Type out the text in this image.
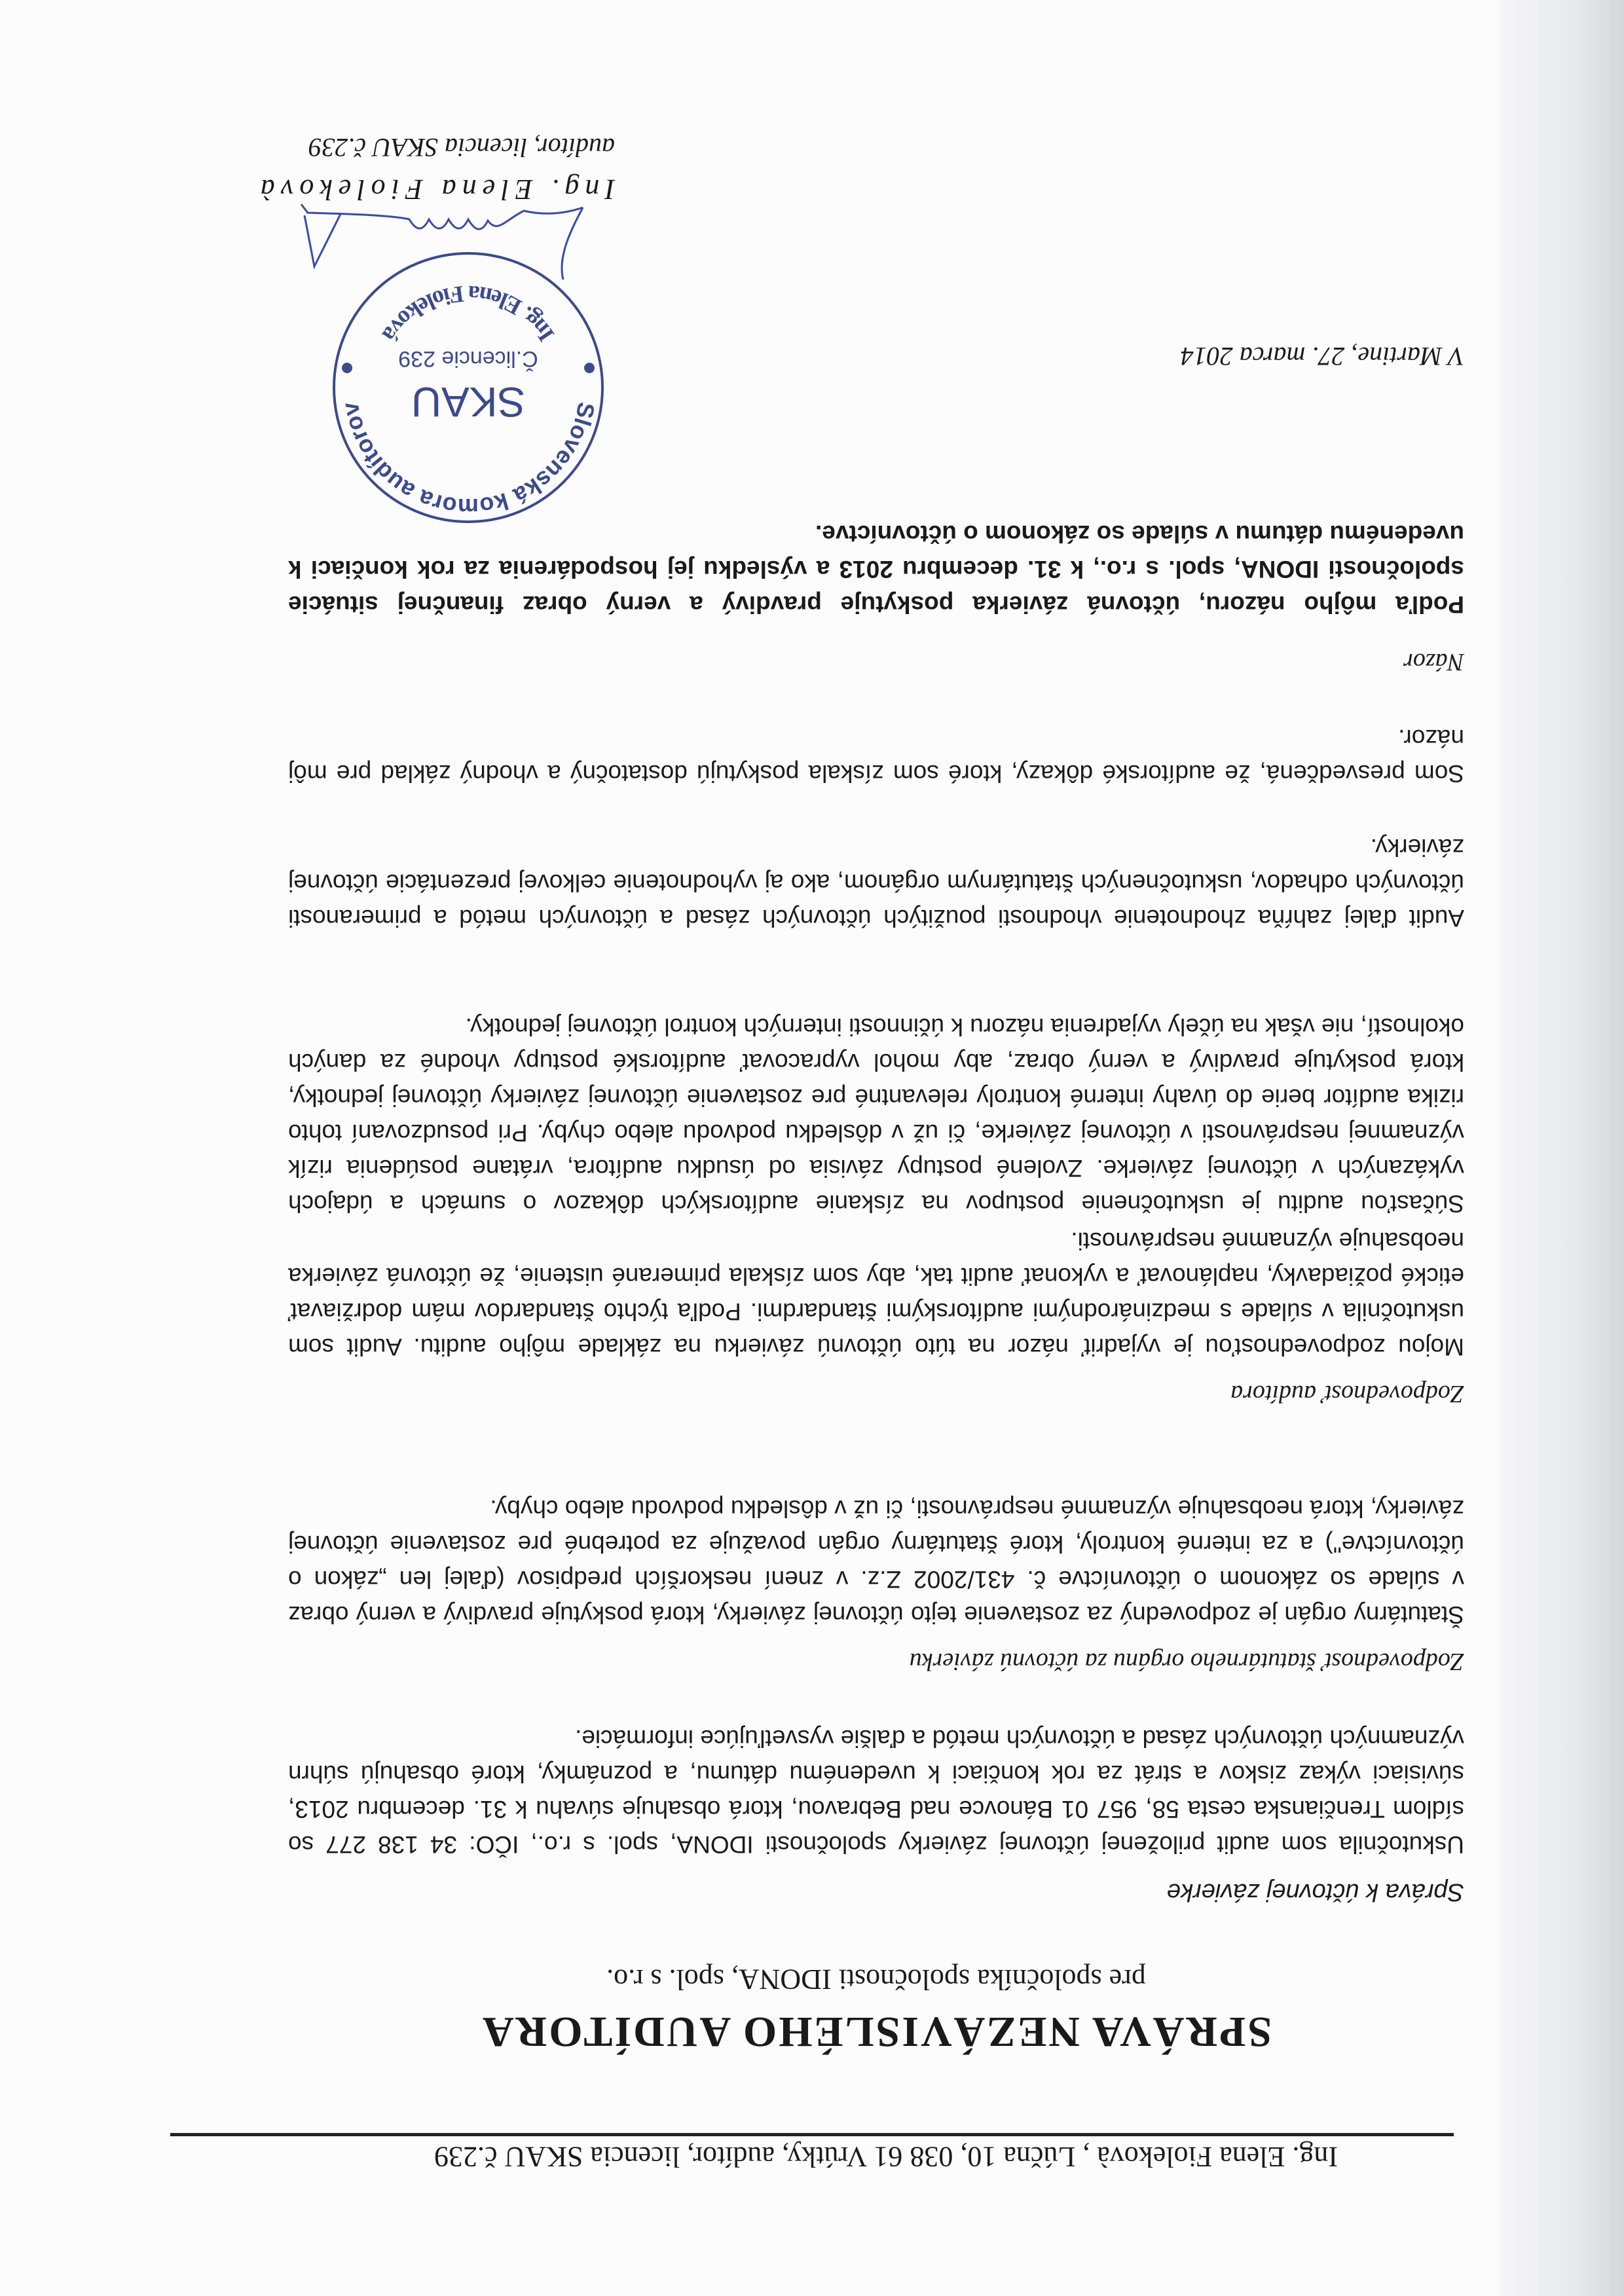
Ing. Elena Fiolekovà , Lúčna 10, 038 61 Vrútky, audítor, licencia SKAU č.239
SPRÁVA NEZÁVISLÉHO AUDÍTORA
pre spoločníka spoločnosti IDONA, spol. s r.o.
Správa k účtovnej závierke
Uskutočnila som audit priloženej účtovnej závierky spoločnosti IDONA, spol. s r.o., IČO: 34 138 277 so sídlom Trenčianska cesta 58, 957 01 Bánovce nad Bebravou, ktorá obsahuje súvahu k 31. decembru 2013, súvisiaci výkaz ziskov a strát za rok končiaci k uvedenému dátumu, a poznámky, ktoré obsahujú súhrn významných účtovných zásad a účtovných metód a ďalšie vysvetľujúce informácie.
Zodpovednosť štatutárneho orgánu za účtovnú závierku
Štatutárny orgán je zodpovedný za zostavenie tejto účtovnej závierky, ktorá poskytuje pravdivý a verný obraz v súlade so zákonom o účtovníctve č. 431/2002 Z.z. v znení neskorších predpisov (ďalej len „zákon o účtovníctve") a za interné kontroly, ktoré štatutárny orgán považuje za potrebné pre zostavenie účtovnej závierky, ktorá neobsahuje významné nesprávnosti, či už v dôsledku podvodu alebo chyby.
Zodpovednosť audítora
Mojou zodpovednosťou je vyjadriť názor na túto účtovnú závierku na základe môjho auditu. Audit som uskutočnila v súlade s medzinárodnými audítorskými štandardmi. Podľa týchto štandardov mám dodržiavať etické požiadavky, naplánovať a vykonať audit tak, aby som získala primerané uistenie, že účtovná závierka neobsahuje významné nesprávnosti.
Súčasťou auditu je uskutočnenie postupov na získanie audítorských dôkazov o sumách a údajoch vykázaných v účtovnej závierke. Zvolené postupy závisia od úsudku audítora, vrátane posúdenia rizík významnej nesprávnosti v účtovnej závierke, či už v dôsledku podvodu alebo chyby. Pri posudzovaní tohto rizika audítor berie do úvahy interné kontroly relevantné pre zostavenie účtovnej závierky účtovnej jednotky, ktorá poskytuje pravdivý a verný obraz, aby mohol vypracovať audítorské postupy vhodné za daných okolností, nie však na účely vyjadrenia názoru k účinnosti interných kontrol účtovnej jednotky.
Audit ďalej zahŕňa zhodnotenie vhodnosti použitých účtovných zásad a účtovných metód a primeranosti účtovných odhadov, uskutočnených štatutárnym orgánom, ako aj vyhodnotenie celkovej prezentácie účtovnej závierky.
Som presvedčená, že audítorské dôkazy, ktoré som získala poskytujú dostatočný a vhodný základ pre môj názor.
Názor
Podľa môjho názoru, účtovná závierka poskytuje pravdivý a verný obraz finančnej situácie spoločnosti IDONA, spol. s r.o., k 31. decembru 2013 a výsledku jej hospodárenia za rok končiaci k uvedenému dátumu v súlade so zákonom o účtovníctve.
V Martine, 27. marca 2014
Slovenská komora audítorov
Ing. Elena Fioleková
SKAU
Č.licencie 239
Ing. Elena Fiolekovà
audítor, licencia SKAU č.239
